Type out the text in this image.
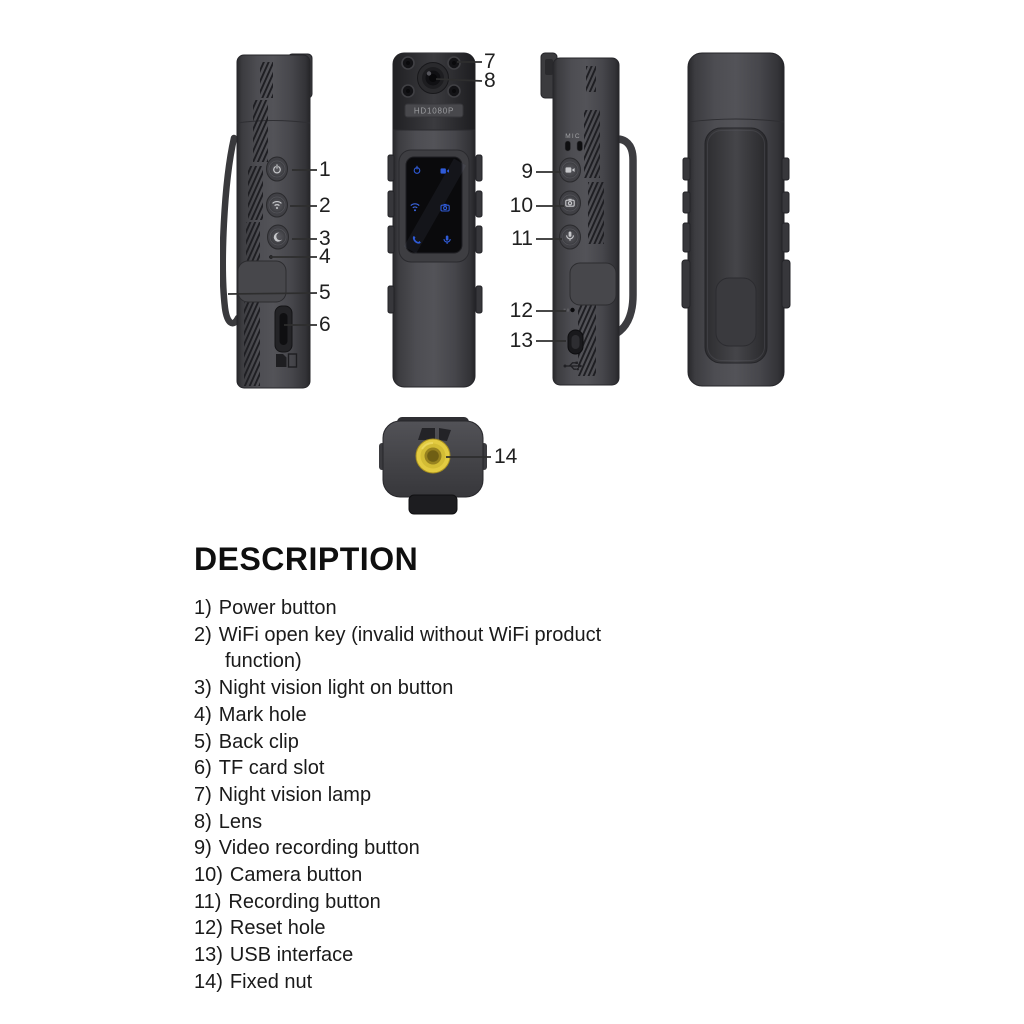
HD1080P
MIC
1
2
3
4
5
6
7
8
9
10
11
12
13
14
DESCRIPTION
1) Power button
2) WiFi open key (invalid without WiFi product function)
3) Night vision light on button
4) Mark hole
5) Back clip
6) TF card slot
7) Night vision lamp
8) Lens
9) Video recording button
10) Camera button
11) Recording button
12) Reset hole
13) USB interface
14) Fixed nut
